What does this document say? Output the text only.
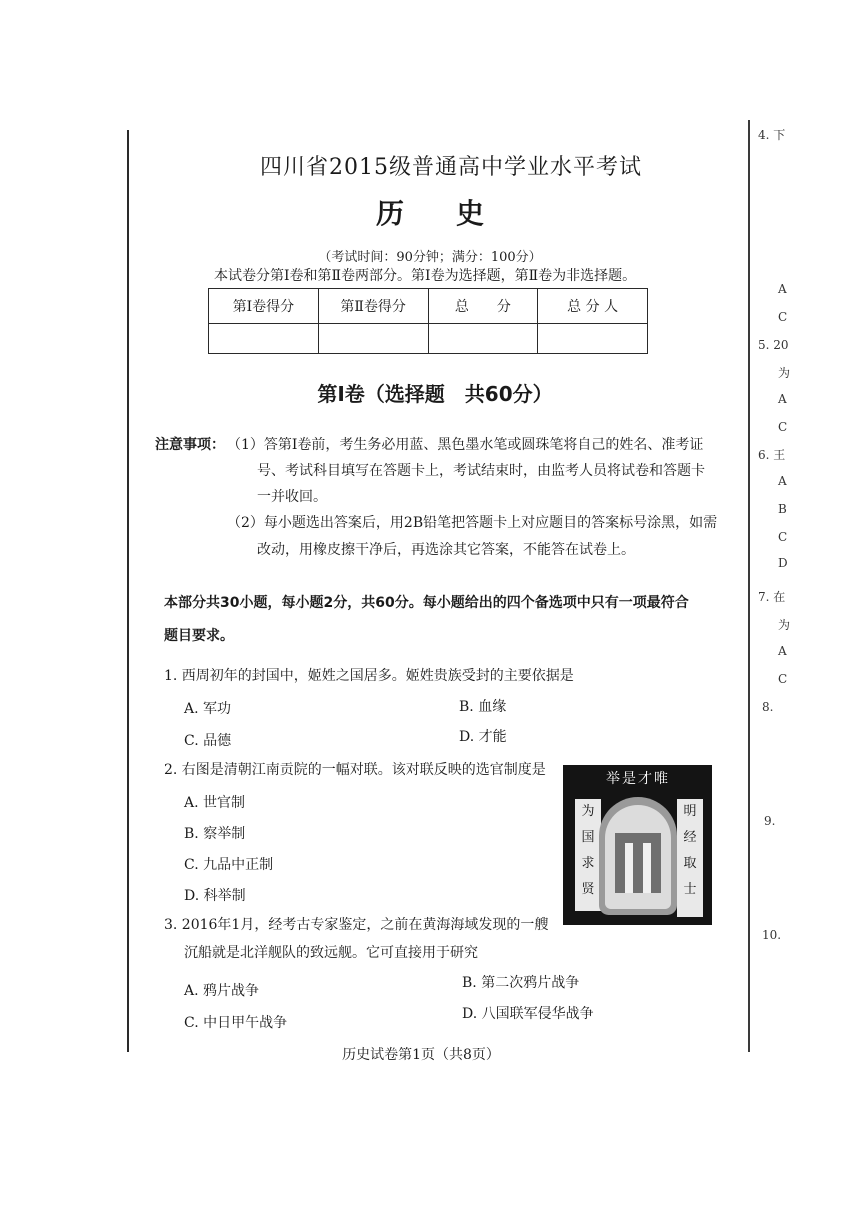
四川省2015级普通高中学业水平考试
历 史
（考试时间：90分钟；满分：100分）
本试卷分第Ⅰ卷和第Ⅱ卷两部分。第Ⅰ卷为选择题，第Ⅱ卷为非选择题。
第Ⅰ卷得分	第Ⅱ卷得分	总　　分	总 分 人

第Ⅰ卷（选择题　共60分）
注意事项： （1）答第Ⅰ卷前，考生务必用蓝、黑色墨水笔或圆珠笔将自己的姓名、准考证
号、考试科目填写在答题卡上，考试结束时，由监考人员将试卷和答题卡
一并收回。
（2）每小题选出答案后，用2B铅笔把答题卡上对应题目的答案标号涂黑，如需
改动，用橡皮擦干净后，再选涂其它答案，不能答在试卷上。
本部分共30小题，每小题2分，共60分。每小题给出的四个备选项中只有一项最符合
题目要求。
1. 西周初年的封国中，姬姓之国居多。姬姓贵族受封的主要依据是
A. 军功	B. 血缘
C. 品德	D. 才能
2. 右图是清朝江南贡院的一幅对联。该对联反映的选官制度是
A. 世官制
B. 察举制
C. 九品中正制
D. 科举制
举是才唯
为
国
求
贤
明
经
取
士
3. 2016年1月，经考古专家鉴定，之前在黄海海域发现的一艘
沉船就是北洋舰队的致远舰。它可直接用于研究
A. 鸦片战争	B. 第二次鸦片战争
C. 中日甲午战争
D. 八国联军侵华战争
历史试卷第1页（共8页）
4. 下
A
C
5. 20
为
A
C
6. 王
A
B
C
D
7. 在
为
A
C
8.
9.
10.
